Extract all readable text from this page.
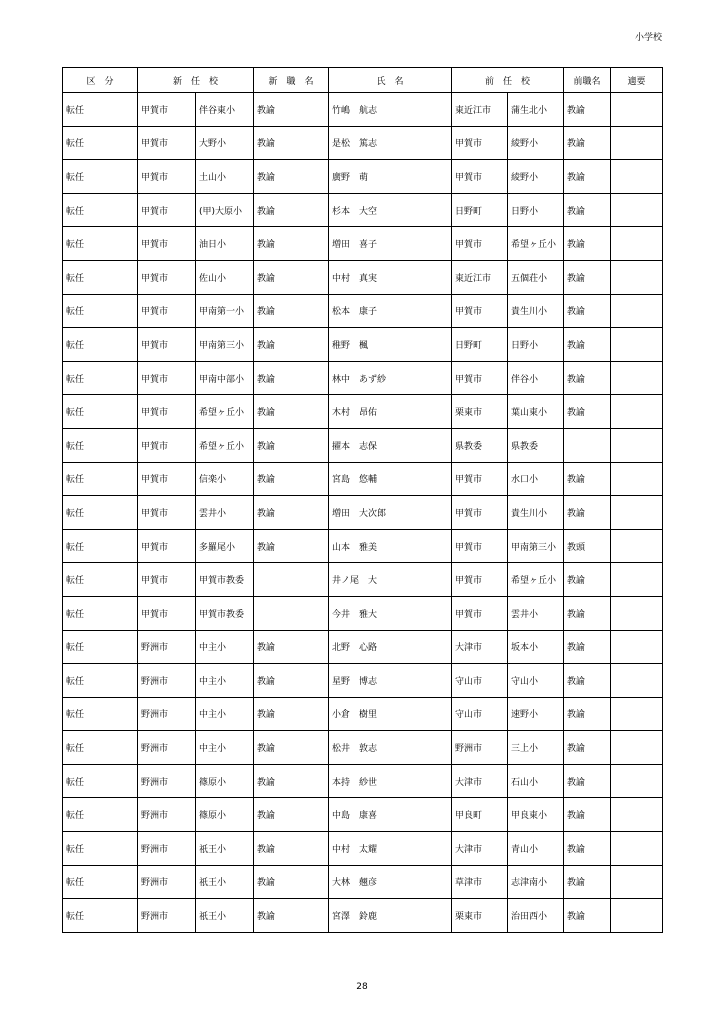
小学校
区　分	新　任　校		新　職　名	氏　名	前　任　校		前職名	適要
転任	甲賀市	伴谷東小	教諭	竹嶋　航志	東近江市	蒲生北小	教諭	
転任	甲賀市	大野小	教諭	是松　篤志	甲賀市	綾野小	教諭	
転任	甲賀市	土山小	教諭	廣野　萌	甲賀市	綾野小	教諭	
転任	甲賀市	(甲)大原小	教諭	杉本　大空	日野町	日野小	教諭	
転任	甲賀市	油日小	教諭	増田　喜子	甲賀市	希望ヶ丘小	教諭	
転任	甲賀市	佐山小	教諭	中村　真実	東近江市	五個荘小	教諭	
転任	甲賀市	甲南第一小	教諭	松本　康子	甲賀市	貴生川小	教諭	
転任	甲賀市	甲南第三小	教諭	稚野　楓	日野町	日野小	教諭	
転任	甲賀市	甲南中部小	教諭	林中　あず紗	甲賀市	伴谷小	教諭	
転任	甲賀市	希望ヶ丘小	教諭	木村　昂佑	栗東市	葉山東小	教諭	
転任	甲賀市	希望ヶ丘小	教諭	擢本　志保	県教委	県教委		
転任	甲賀市	信楽小	教諭	宮島　悠輔	甲賀市	水口小	教諭	
転任	甲賀市	雲井小	教諭	増田　大次郎	甲賀市	貴生川小	教諭	
転任	甲賀市	多羅尾小	教諭	山本　雅美	甲賀市	甲南第三小	教頭	
転任	甲賀市	甲賀市教委		井ノ尾　大	甲賀市	希望ヶ丘小	教諭	
転任	甲賀市	甲賀市教委		今井　雅大	甲賀市	雲井小	教諭	
転任	野洲市	中主小	教諭	北野　心路	大津市	坂本小	教諭	
転任	野洲市	中主小	教諭	星野　博志	守山市	守山小	教諭	
転任	野洲市	中主小	教諭	小倉　樹里	守山市	速野小	教諭	
転任	野洲市	中主小	教諭	松井　敦志	野洲市	三上小	教諭	
転任	野洲市	篠原小	教諭	本持　紗世	大津市	石山小	教諭	
転任	野洲市	篠原小	教諭	中島　康喜	甲良町	甲良東小	教諭	
転任	野洲市	祇王小	教諭	中村　太耀	大津市	青山小	教諭	
転任	野洲市	祇王小	教諭	大林　翹彦	草津市	志津南小	教諭	
転任	野洲市	祇王小	教諭	宮澤　鈴鹿	栗東市	治田西小	教諭	
28
